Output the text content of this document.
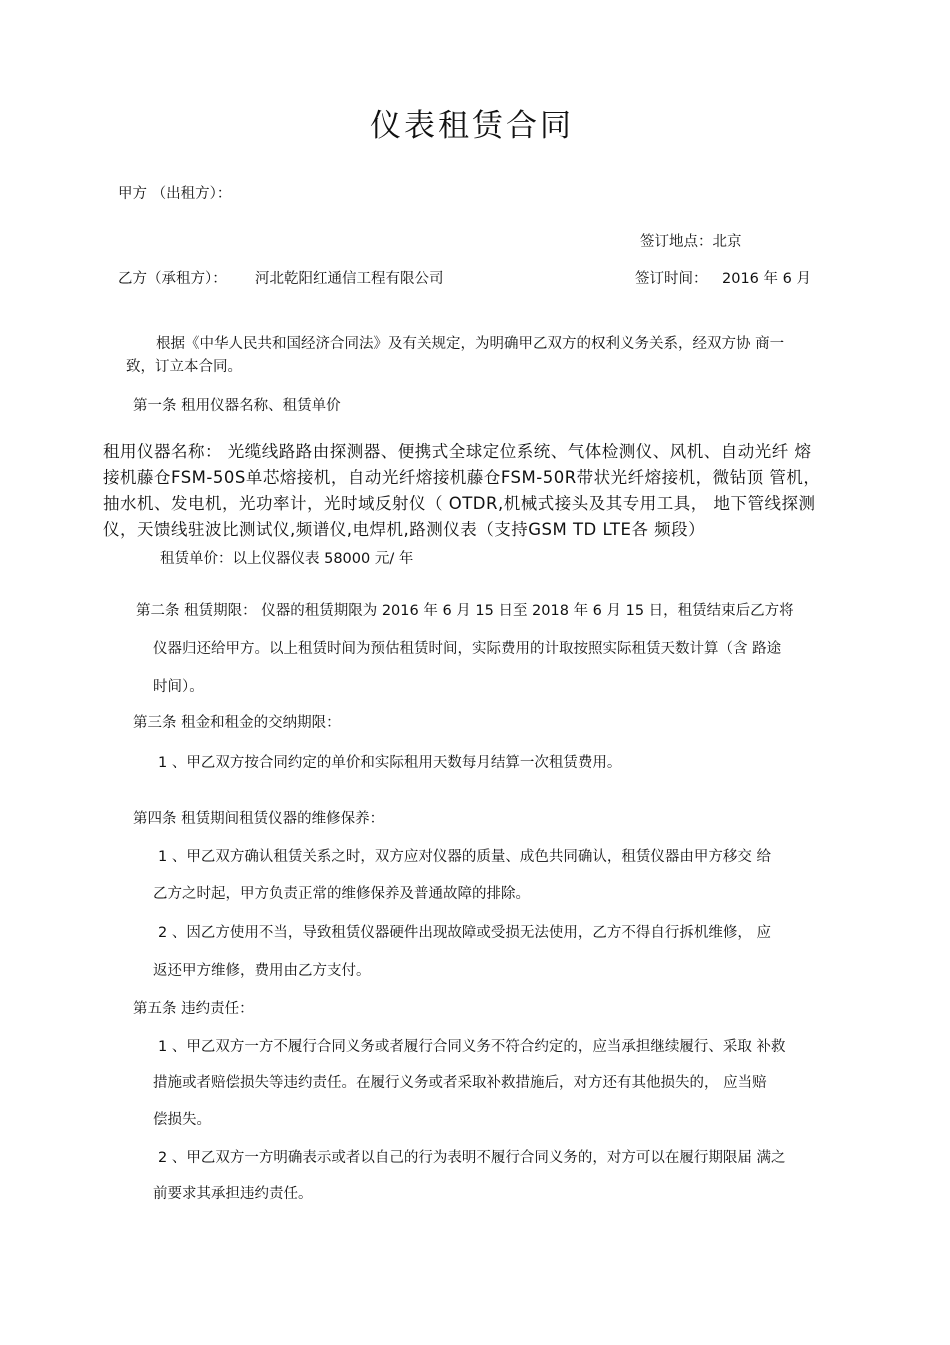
仪表租赁合同
甲方 （出租方）：
签订地点：北京
乙方（承租方）： 河北乾阳红通信工程有限公司	签订时间： 2016 年 6 月
根据《中华人民共和国经济合同法》及有关规定，为明确甲乙双方的权利义务关系，经双方协 商一
致，订立本合同。
第一条 租用仪器名称、租赁单价
租用仪器名称： 光缆线路路由探测器、便携式全球定位系统、气体检测仪、风机、自动光纤 熔
接机藤仓FSM-50S单芯熔接机，自动光纤熔接机藤仓FSM-50R带状光纤熔接机，微钻顶 管机，
抽水机、发电机，光功率计，光时域反射仪（ OTDR,机械式接头及其专用工具， 地下管线探测
仪，天馈线驻波比测试仪,频谱仪,电焊机,路测仪表（支持GSM TD LTE各 频段）
租赁单价：以上仪器仪表 58000 元/ 年
第二条 租赁期限： 仪器的租赁期限为 2016 年 6 月 15 日至 2018 年 6 月 15 日，租赁结束后乙方将
仪器归还给甲方。以上租赁时间为预估租赁时间，实际费用的计取按照实际租赁天数计算（含 路途
时间）。
第三条 租金和租金的交纳期限：
1 、甲乙双方按合同约定的单价和实际租用天数每月结算一次租赁费用。
第四条 租赁期间租赁仪器的维修保养：
1 、甲乙双方确认租赁关系之时，双方应对仪器的质量、成色共同确认，租赁仪器由甲方移交 给
乙方之时起，甲方负责正常的维修保养及普通故障的排除。
2 、因乙方使用不当，导致租赁仪器硬件出现故障或受损无法使用，乙方不得自行拆机维修， 应
返还甲方维修，费用由乙方支付。
第五条 违约责任：
1 、甲乙双方一方不履行合同义务或者履行合同义务不符合约定的，应当承担继续履行、采取 补救
措施或者赔偿损失等违约责任。在履行义务或者采取补救措施后，对方还有其他损失的， 应当赔
偿损失。
2 、甲乙双方一方明确表示或者以自己的行为表明不履行合同义务的，对方可以在履行期限届 满之
前要求其承担违约责任。
